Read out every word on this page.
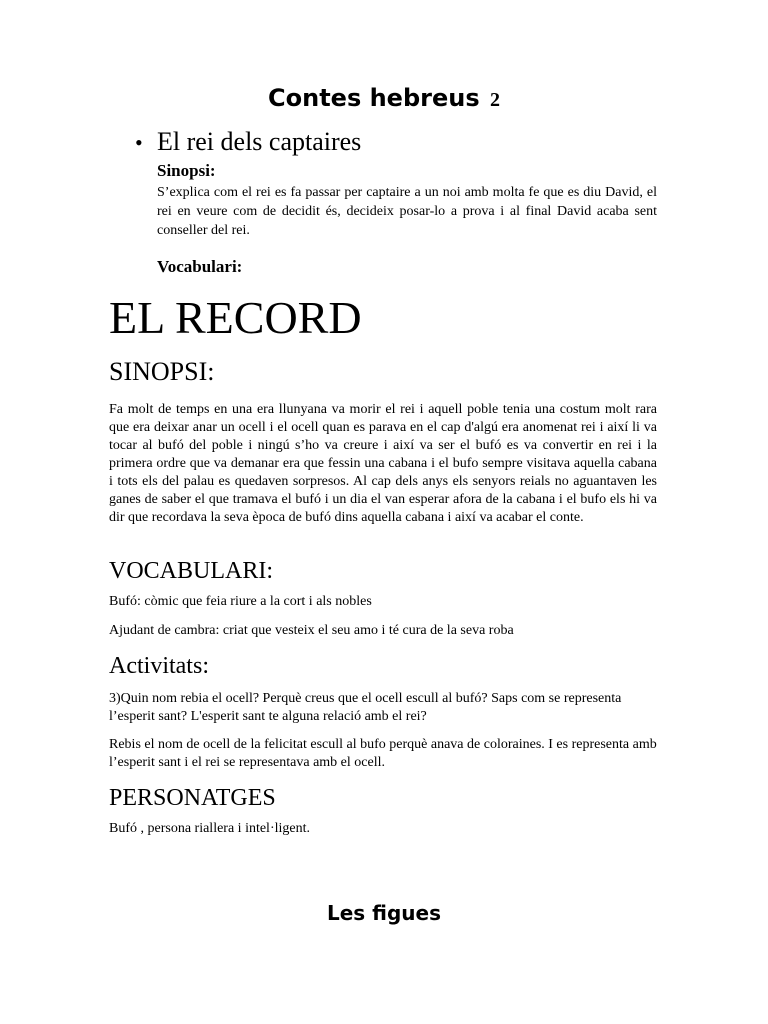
Contes hebreus 2
• El rei dels captaires
Sinopsi:

S’explica com el rei es fa passar per captaire a un noi amb molta fe que es diu David, el rei en veure com de decidit és, decideix posar-lo a prova i al final David acaba sent conseller del rei.

Vocabulari:
EL RECORD
SINOPSI:

Fa molt de temps en una era llunyana va morir el rei i aquell poble tenia una costum molt rara que era deixar anar un ocell i el ocell quan es parava en el cap d'algú era anomenat rei i així li va tocar al bufó del poble i ningú s’ho va creure i així va ser el bufó es va convertir en rei i la primera ordre que va demanar era que fessin una cabana i el bufo sempre visitava aquella cabana i tots els del palau es quedaven sorpresos. Al cap dels anys els senyors reials no aguantaven les ganes de saber el que tramava el bufó i un dia el van esperar afora de la cabana i el bufo els hi va dir que recordava la seva època de bufó dins aquella cabana i així va acabar el conte.

VOCABULARI:

Bufó: còmic que feia riure a la cort i als nobles

Ajudant de cambra: criat que vesteix el seu amo i té cura de la seva roba

Activitats:

3)Quin nom rebia el ocell? Perquè creus que el ocell escull al bufó? Saps com se representa l’esperit sant? L'esperit sant te alguna relació amb el rei?

Rebis el nom de ocell de la felicitat escull al bufo perquè anava de coloraines. I es representa amb l’esperit sant i el rei se representava amb el ocell.

PERSONATGES

Bufó , persona riallera i intel·ligent.

Les figues
